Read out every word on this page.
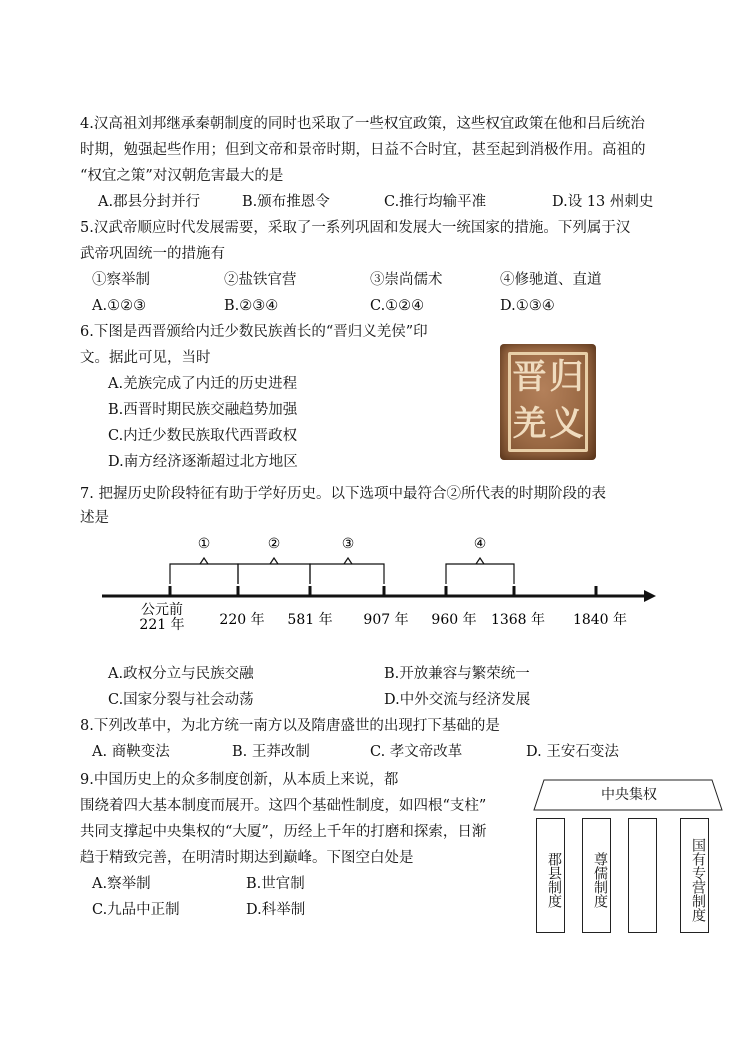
4.汉高祖刘邦继承秦朝制度的同时也采取了一些权宜政策，这些权宜政策在他和吕后统治
时期，勉强起些作用；但到文帝和景帝时期，日益不合时宜，甚至起到消极作用。高祖的
“权宜之策”对汉朝危害最大的是
A.郡县分封并行	B.颁布推恩令	C.推行均输平准	D.设 13 州刺史
5.汉武帝顺应时代发展需要，采取了一系列巩固和发展大一统国家的措施。下列属于汉
武帝巩固统一的措施有
①察举制	②盐铁官营	③崇尚儒术	④修驰道、直道
A.①②③	B.②③④	C.①②④	D.①③④
6.下图是西晋颁给内迁少数民族酋长的“晋归义羌侯”印
文。据此可见，当时
A.羌族完成了内迁的历史进程
B.西晋时期民族交融趋势加强
C.内迁少数民族取代西晋政权
D.南方经济逐渐超过北方地区
晋 归
羌 义
7. 把握历史阶段特征有助于学好历史。以下选项中最符合②所代表的时期阶段的表
述是
①	②	③	④
公元前
221 年 220 年 581 年 907 年 960 年 1368 年 1840 年
A.政权分立与民族交融	B.开放兼容与繁荣统一
C.国家分裂与社会动荡	D.中外交流与经济发展
8.下列改革中，为北方统一南方以及隋唐盛世的出现打下基础的是
A. 商鞅变法	B. 王莽改制	C. 孝文帝改革	D. 王安石变法
9.中国历史上的众多制度创新，从本质上来说，都
围绕着四大基本制度而展开。这四个基础性制度，如四根“支柱”
共同支撑起中央集权的“大厦”，历经上千年的打磨和探索，日渐
趋于精致完善，在明清时期达到巅峰。下图空白处是
A.察举制	B.世官制
C.九品中正制	D.科举制
中央集权
郡县制度	尊儒制度	国有专营制度
